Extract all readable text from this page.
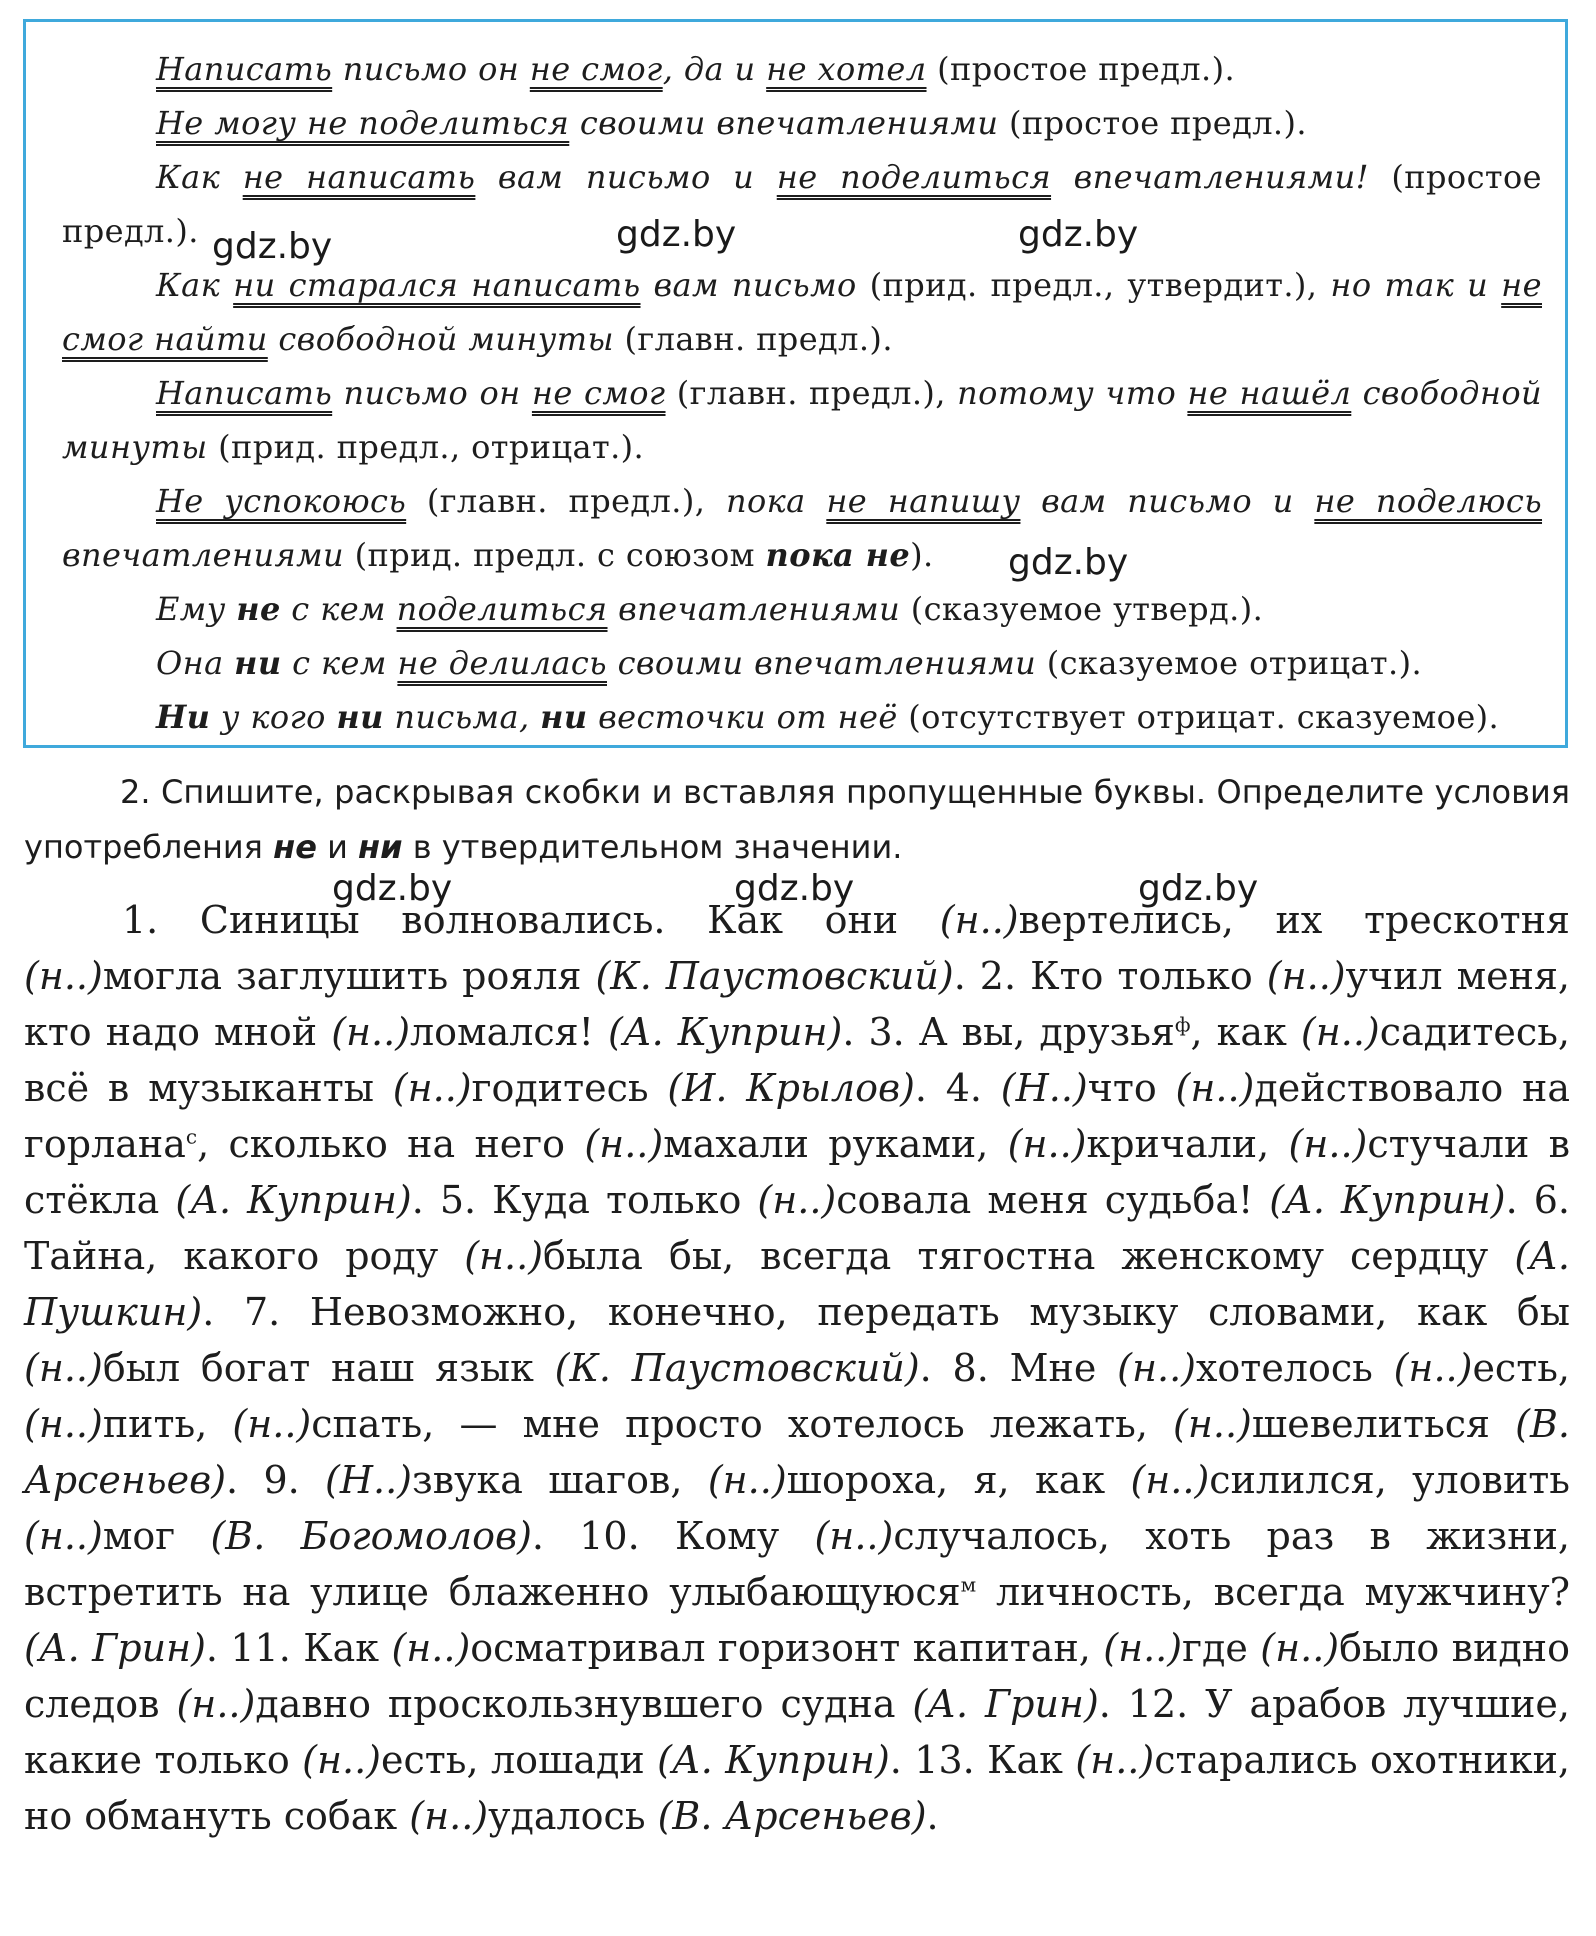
Написать письмо он не смог, да и не хотел (простое предл.).

Не могу не поделиться своими впечатлениями (простое предл.).

Как не написать вам письмо и не поделиться впечатлениями! (простое предл.).

Как ни старался написать вам письмо (прид. предл., утвердит.), но так и не смог найти свободной минуты (главн. предл.).

Написать письмо он не смог (главн. предл.), потому что не нашёл свободной минуты (прид. предл., отрицат.).

Не успокоюсь (главн. предл.), пока не напишу вам письмо и не поделюсь впечатлениями (прид. предл. с союзом пока не).

Ему не с кем поделиться впечатлениями (сказуемое утверд.).

Она ни с кем не делилась своими впечатлениями (сказуемое отрицат.).

Ни у кого ни письма, ни весточки от неё (отсутствует отрицат. сказуемое).

2. Спишите, раскрывая скобки и вставляя пропущенные буквы. Определите условия употребления не и ни в утвердительном значении.
1. Синицы волновались. Как они (н..)вертелись, их трескотня (н..)могла заглушить рояля (К. Паустовский). 2. Кто только (н..)учил меня, кто надо мной (н..)ломался! (А. Куприн). 3. А вы, друзья$^ф$, как (н..)садитесь, всё в музыканты (н..)годитесь (И. Крылов). 4. (Н..)что (н..)действовало на горлана$^с$, сколько на него (н..)махали руками, (н..)кричали, (н..)стучали в стёкла (А. Куприн). 5. Куда только (н..)совала меня судьба! (А. Куприн). 6. Тайна, какого роду (н..)была бы, всегда тягостна женскому сердцу (А. Пушкин). 7. Невозможно, конечно, передать музыку словами, как бы (н..)был богат наш язык (К. Паустовский). 8. Мне (н..)хотелось (н..)есть, (н..)пить, (н..)спать, — мне просто хотелось лежать, (н..)шевелиться (В. Арсеньев). 9. (Н..)звука шагов, (н..)шороха, я, как (н..)силился, уловить (н..)мог (В. Богомолов). 10. Кому (н..)случалось, хоть раз в жизни, встретить на улице блаженно улыбающуюся$^м$ личность, всегда мужчину? (А. Грин). 11. Как (н..)осматривал горизонт капитан, (н..)где (н..)было видно следов (н..)давно проскользнувшего судна (А. Грин). 12. У арабов лучшие, какие только (н..)есть, лошади (А. Куприн). 13. Как (н..)старались охотники, но обмануть собак (н..)удалось (В. Арсеньев).
gdz.by	gdz.by	gdz.by
gdz.by
gdz.by	gdz.by	gdz.by
